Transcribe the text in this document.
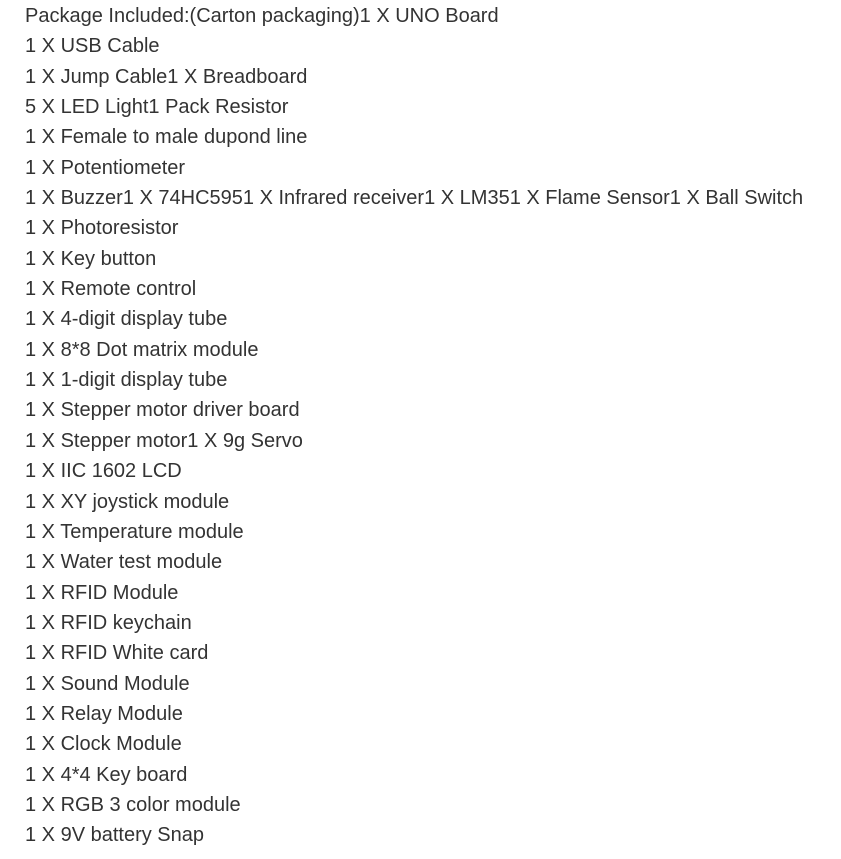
Package Included:(Carton packaging)1 X UNO Board
1 X USB Cable
1 X Jump Cable1 X Breadboard
5 X LED Light1 Pack Resistor
1 X Female to male dupond line
1 X Potentiometer
1 X Buzzer1 X 74HC5951 X Infrared receiver1 X LM351 X Flame Sensor1 X Ball Switch
1 X Photoresistor
1 X Key button
1 X Remote control
1 X 4-digit display tube
1 X 8*8 Dot matrix module
1 X 1-digit display tube
1 X Stepper motor driver board
1 X Stepper motor1 X 9g Servo
1 X IIC 1602 LCD
1 X XY joystick module
1 X Temperature module
1 X Water test module
1 X RFID Module
1 X RFID keychain
1 X RFID White card
1 X Sound Module
1 X Relay Module
1 X Clock Module
1 X 4*4 Key board
1 X RGB 3 color module
1 X 9V battery Snap
